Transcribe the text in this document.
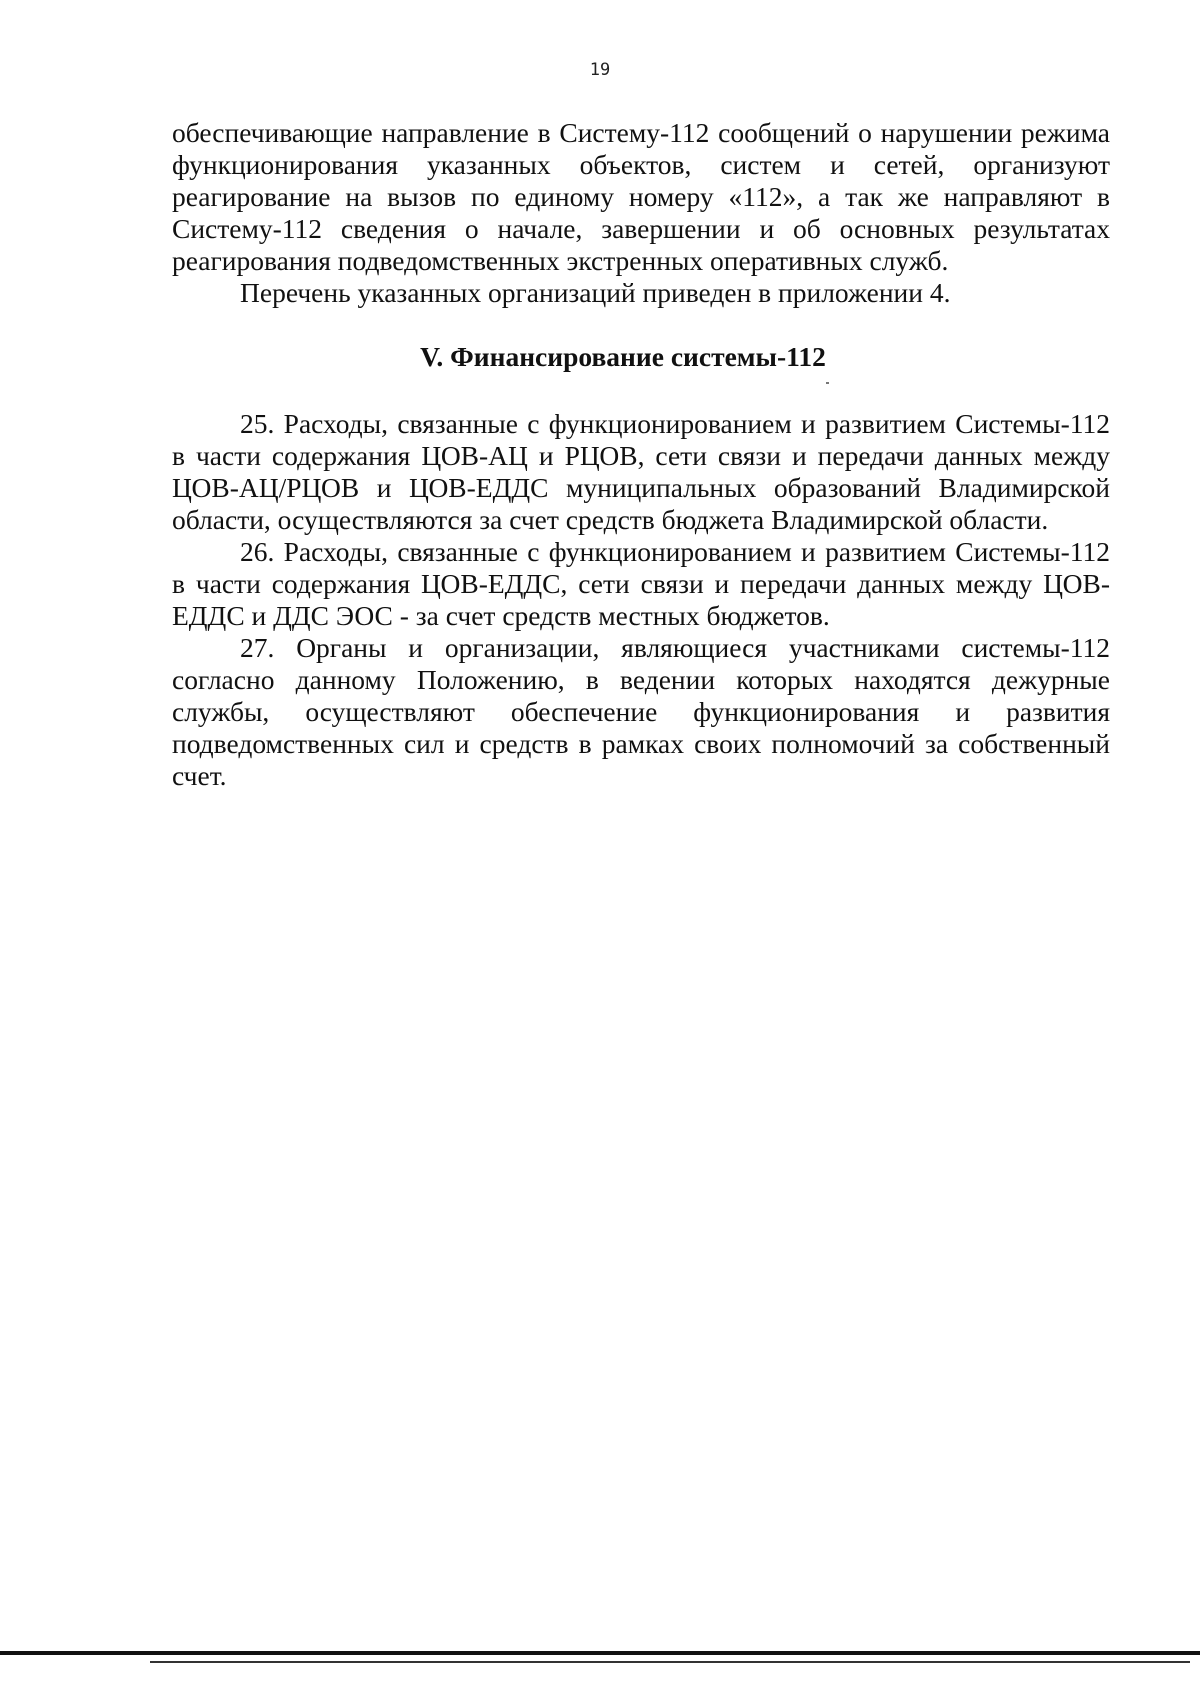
19

обеспечивающие направление в Систему-112 сообщений о нарушении режима функционирования указанных объектов, систем и сетей, организуют реагирование на вызов по единому номеру «112», а так же направляют в Систему-112 сведения о начале, завершении и об основных результатах реагирования подведомственных экстренных оперативных служб.

Перечень указанных организаций приведен в приложении 4.

V. Финансирование системы-112

25. Расходы, связанные с функционированием и развитием Системы-112 в части содержания ЦОВ-АЦ и РЦОВ, сети связи и передачи данных между ЦОВ-АЦ/РЦОВ и ЦОВ-ЕДДС муниципальных образований Владимирской области, осуществляются за счет средств бюджета Владимирской области.

26. Расходы, связанные с функционированием и развитием Системы-112 в части содержания ЦОВ-ЕДДС, сети связи и передачи данных между ЦОВ-ЕДДС и ДДС ЭОС - за счет средств местных бюджетов.

27. Органы и организации, являющиеся участниками системы-112 согласно данному Положению, в ведении которых находятся дежурные службы, осуществляют обеспечение функционирования и развития подведомственных сил и средств в рамках своих полномочий за собственный счет.
